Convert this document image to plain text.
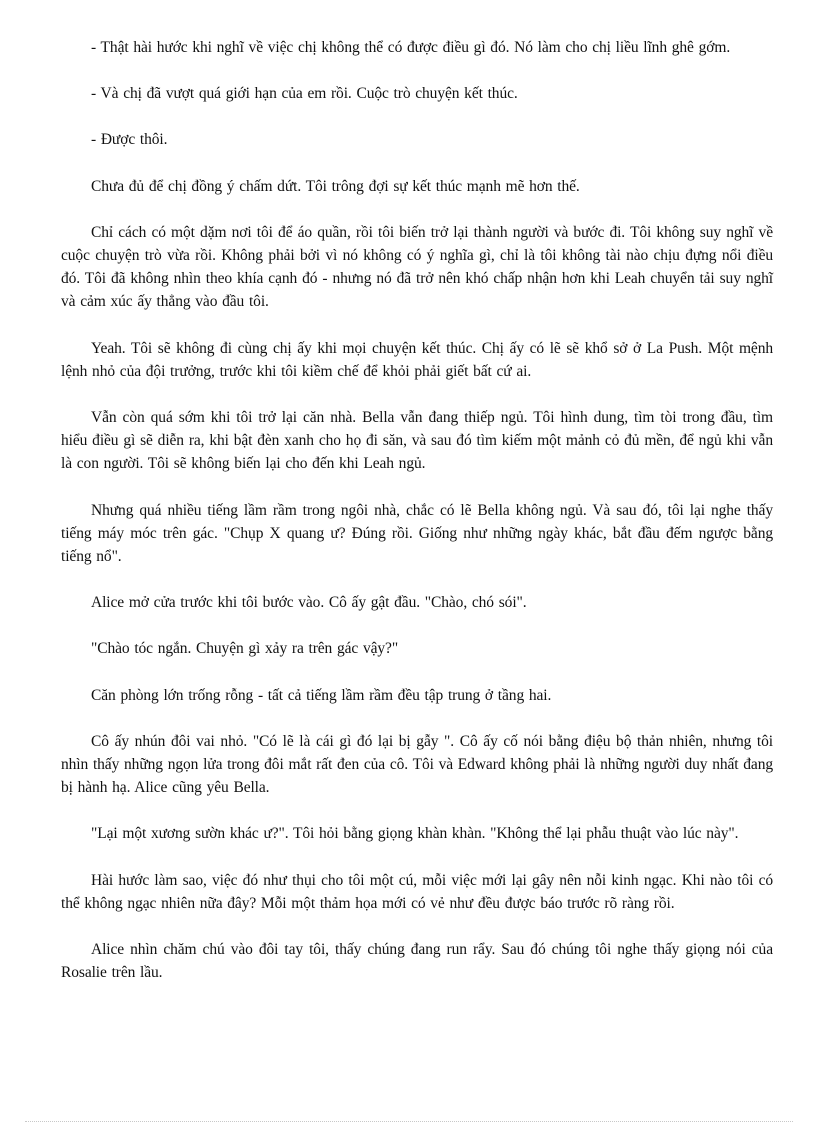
- Thật hài hước khi nghĩ về việc chị không thể có được điều gì đó. Nó làm cho chị liều lĩnh ghê gớm.

- Và chị đã vượt quá giới hạn của em rồi. Cuộc trò chuyện kết thúc.

- Được thôi.

Chưa đủ để chị đồng ý chấm dứt. Tôi trông đợi sự kết thúc mạnh mẽ hơn thế.

Chỉ cách có một dặm nơi tôi để áo quần, rồi tôi biến trở lại thành người và bước đi. Tôi không suy nghĩ về cuộc chuyện trò vừa rồi. Không phải bởi vì nó không có ý nghĩa gì, chỉ là tôi không tài nào chịu đựng nổi điều đó. Tôi đã không nhìn theo khía cạnh đó - nhưng nó đã trở nên khó chấp nhận hơn khi Leah chuyển tải suy nghĩ và cảm xúc ấy thẳng vào đầu tôi.

Yeah. Tôi sẽ không đi cùng chị ấy khi mọi chuyện kết thúc. Chị ấy có lẽ sẽ khổ sở ở La Push. Một mệnh lệnh nhỏ của đội trưởng, trước khi tôi kiềm chế để khỏi phải giết bất cứ ai.

Vẫn còn quá sớm khi tôi trở lại căn nhà. Bella vẫn đang thiếp ngủ. Tôi hình dung, tìm tòi trong đầu, tìm hiểu điều gì sẽ diễn ra, khi bật đèn xanh cho họ đi săn, và sau đó tìm kiếm một mảnh cỏ đủ mền, để ngủ khi vẫn là con người. Tôi sẽ không biến lại cho đến khi Leah ngủ.

Nhưng quá nhiều tiếng lầm rầm trong ngôi nhà, chắc có lẽ Bella không ngủ. Và sau đó, tôi lại nghe thấy tiếng máy móc trên gác. "Chụp X quang ư? Đúng rồi. Giống như những ngày khác, bắt đầu đếm ngược bằng tiếng nổ".

Alice mở cửa trước khi tôi bước vào. Cô ấy gật đầu. "Chào, chó sói".

"Chào tóc ngắn. Chuyện gì xảy ra trên gác vậy?"

Căn phòng lớn trống rỗng - tất cả tiếng lầm rầm đều tập trung ở tầng hai.

Cô ấy nhún đôi vai nhỏ. "Có lẽ là cái gì đó lại bị gẫy ". Cô ấy cố nói bằng điệu bộ thản nhiên, nhưng tôi nhìn thấy những ngọn lửa trong đôi mắt rất đen của cô. Tôi và Edward không phải là những người duy nhất đang bị hành hạ. Alice cũng yêu Bella.

"Lại một xương sườn khác ư?". Tôi hỏi bằng giọng khàn khàn. "Không thể lại phẫu thuật vào lúc này".

Hài hước làm sao, việc đó như thụi cho tôi một cú, mỗi việc mới lại gây nên nỗi kinh ngạc. Khi nào tôi có thể không ngạc nhiên nữa đây? Mỗi một thảm họa mới có vẻ như đều được báo trước rõ ràng rồi.

Alice nhìn chăm chú vào đôi tay tôi, thấy chúng đang run rẩy. Sau đó chúng tôi nghe thấy giọng nói của Rosalie trên lầu.
